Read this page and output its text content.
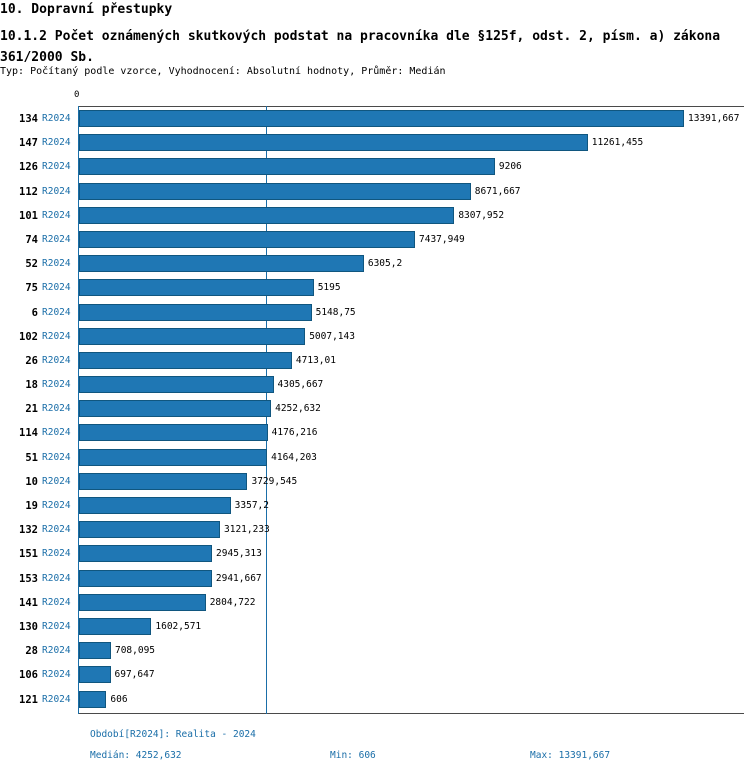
10. Dopravní přestupky
10.1.2 Počet oznámených skutkových podstat na pracovníka dle §125f, odst. 2, písm. a) zákona 361/2000 Sb.
Typ: Počítaný podle vzorce, Vyhodnocení: Absolutní hodnoty, Průměr: Medián
0
134 R2024	13391,667
147 R2024	11261,455
126 R2024	9206
112 R2024	8671,667
101 R2024	8307,952
74 R2024	7437,949
52 R2024	6305,2
75 R2024	5195
6 R2024	5148,75
102 R2024	5007,143
26 R2024	4713,01
18 R2024	4305,667
21 R2024	4252,632
114 R2024	4176,216
51 R2024	4164,203
10 R2024	3729,545
19 R2024	3357,2
132 R2024	3121,233
151 R2024	2945,313
153 R2024	2941,667
141 R2024	2804,722
130 R2024	1602,571
28 R2024	708,095
106 R2024	697,647
121 R2024	606
Období[R2024]: Realita - 2024
Medián: 4252,632	Min: 606	Max: 13391,667
